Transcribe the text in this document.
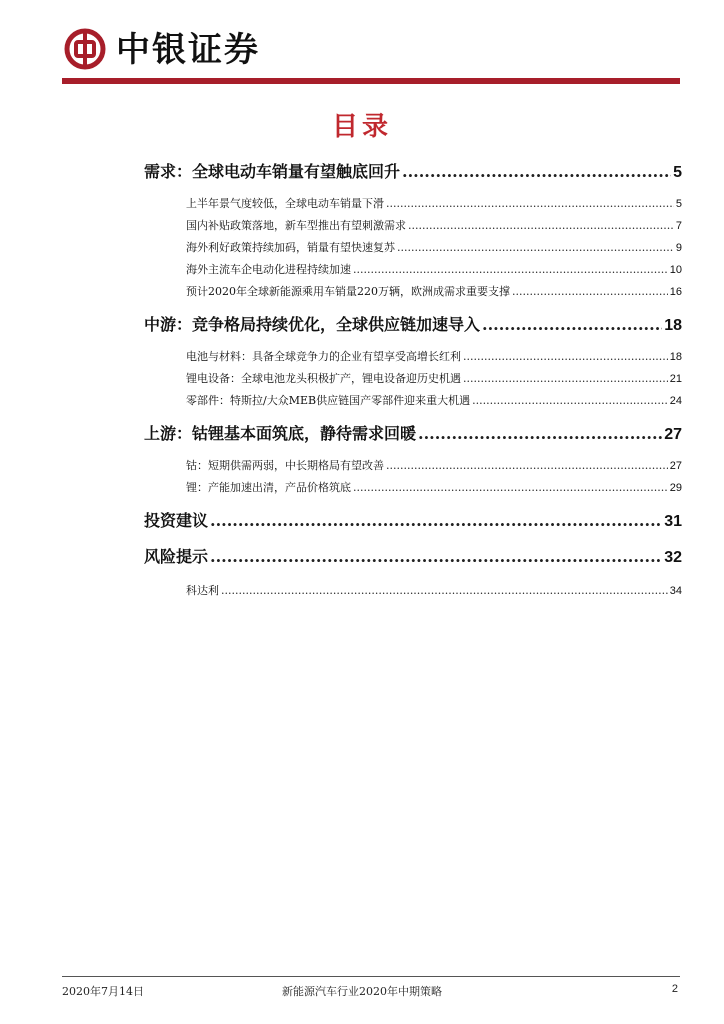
中银证券
目录
需求：全球电动车销量有望触底回升 .....	5
上半年景气度较低，全球电动车销量下滑 .....	5
国内补贴政策落地，新车型推出有望刺激需求 .....	7
海外利好政策持续加码，销量有望快速复苏 .....	9
海外主流车企电动化进程持续加速 .....	10
预计2020年全球新能源乘用车销量220万辆，欧洲成需求重要支撑 .....	16
中游：竞争格局持续优化，全球供应链加速导入 .....	18
电池与材料：具备全球竞争力的企业有望享受高增长红利 .....	18
锂电设备：全球电池龙头积极扩产，锂电设备迎历史机遇 .....	21
零部件：特斯拉/大众MEB供应链国产零部件迎来重大机遇 .....	24
上游：钴锂基本面筑底，静待需求回暖 .....	27
钴：短期供需两弱，中长期格局有望改善 .....	27
锂：产能加速出清，产品价格筑底 .....	29
投资建议 .....	31
风险提示 .....	32
科达利 .....	34
2020年7月14日	新能源汽车行业2020年中期策略	2
